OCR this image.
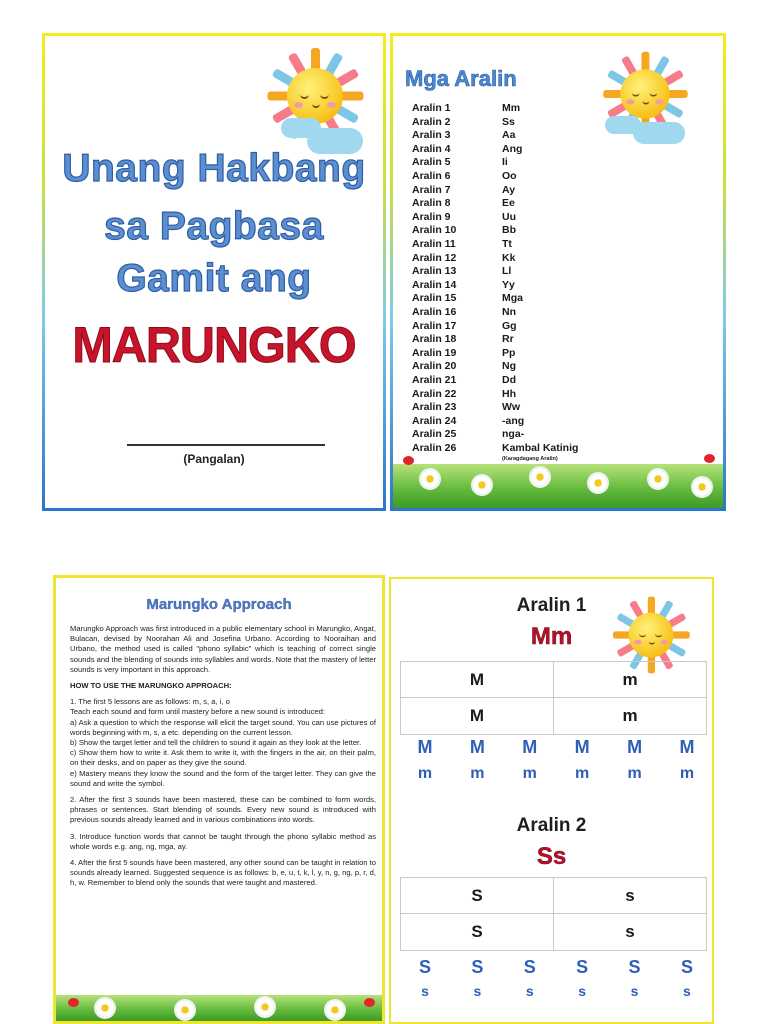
Unang Hakbang
sa Pagbasa
Gamit ang
MARUNGKO
(Pangalan)
Mga Aralin
Aralin 1	Mm
Aralin 2	Ss
Aralin 3	Aa
Aralin 4	Ang
Aralin 5	Ii
Aralin 6	Oo
Aralin 7	Ay
Aralin 8	Ee
Aralin 9	Uu
Aralin 10	Bb
Aralin 11	Tt
Aralin 12	Kk
Aralin 13	Ll
Aralin 14	Yy
Aralin 15	Mga
Aralin 16	Nn
Aralin 17	Gg
Aralin 18	Rr
Aralin 19	Pp
Aralin 20	Ng
Aralin 21	Dd
Aralin 22	Hh
Aralin 23	Ww
Aralin 24	-ang
Aralin 25	nga-
Aralin 26	Kambal Katinig
(Karagdagang Aralin)
Marungko Approach

Marungko Approach was first introduced in a public elementary school in Marungko, Angat, Bulacan, devised by Noorahan Ali and Josefina Urbano. According to Nooraihan and Urbano, the method used is called "phono syllabic" which is teaching of correct single sounds and the blending of sounds into syllables and words. Note that the mastery of letter sounds is very important in this approach.

HOW TO USE THE MARUNGKO APPROACH:

1. The first 5 lessons are as follows: m, s, a, i, o
Teach each sound and form until mastery before a new sound is introduced:
a) Ask a question to which the response will elicit the target sound. You can use pictures of words beginning with m, s, a etc. depending on the current lesson.
b) Show the target letter and tell the children to sound it again as they look at the letter.
c) Show them how to write it. Ask them to write it, with the fingers in the air, on their palm, on their desks, and on paper as they give the sound.

e) Mastery means they know the sound and the form of the target letter. They can give the sound and write the symbol.

2. After the first 3 sounds have been mastered, these can be combined to form words, phrases or sentences. Start blending of sounds. Every new sound is introduced with previous sounds already learned and in various combinations into words.

3. Introduce function words that cannot be taught through the phono syllabic method as whole words e.g. ang, ng, mga, ay.

4. After the first 5 sounds have been mastered, any other sound can be taught in relation to sounds already learned. Suggested sequence is as follows: b, e, u, t, k, l, y, n, g, ng, p, r, d, h, w. Remember to blend only the sounds that were taught and mastered.

Aralin 1
Mm
M	m
M	m
M M M M M M
m	m	m	m	m	m
Aralin 2
Ss
S	s
S	s
S	S	S	S	S	S
s	s	s	s	s	s
